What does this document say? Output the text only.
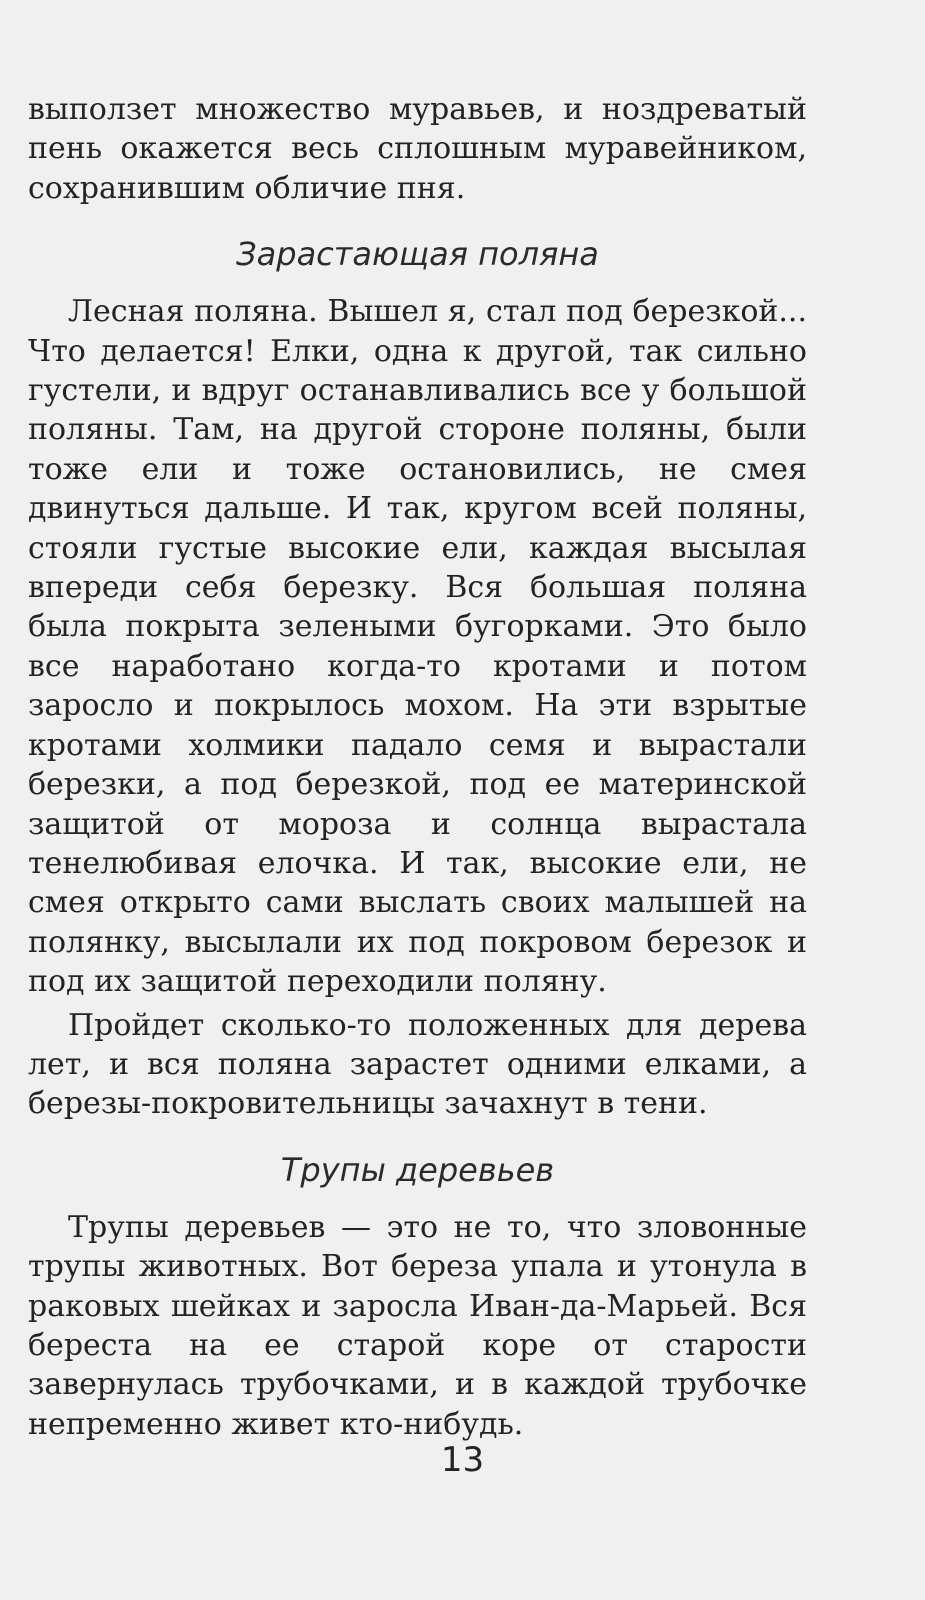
выползет множество муравьев, и ноздреватый

пень окажется весь сплошным муравейником,

сохранившим обличие пня.

Зарастающая поляна

Лесная поляна. Вышел я, стал под березкой... Что делается! Елки, одна к другой, так сильно густели, и вдруг останавливались все у большой поляны. Там, на другой стороне поляны, были тоже ели и тоже остановились, не смея двинуться дальше. И так, кругом всей поляны, стояли густые высокие ели, каждая высылая впереди себя березку. Вся большая поляна была покрыта зелеными бугорками. Это было все наработано когда-то кротами и потом заросло и покрылось мохом. На эти взрытые кротами холмики падало семя и вырастали березки, а под березкой, под ее материнской защитой от мороза и солнца вырастала тенелюбивая елочка. И так, высокие ели, не смея открыто сами выслать своих малышей на полянку, высылали их под покровом березок и под их защитой переходили поляну.

Пройдет сколько-то положенных для дерева лет, и вся поляна зарастет одними елками, а березы-покровительницы зачахнут в тени.

Трупы деревьев

Трупы деревьев — это не то, что зловонные трупы животных. Вот береза упала и утонула в раковых шейках и заросла Иван-да-Марьей. Вся береста на ее старой коре от старости завернулась трубочками, и в каждой трубочке непременно живет кто-нибудь.

13
